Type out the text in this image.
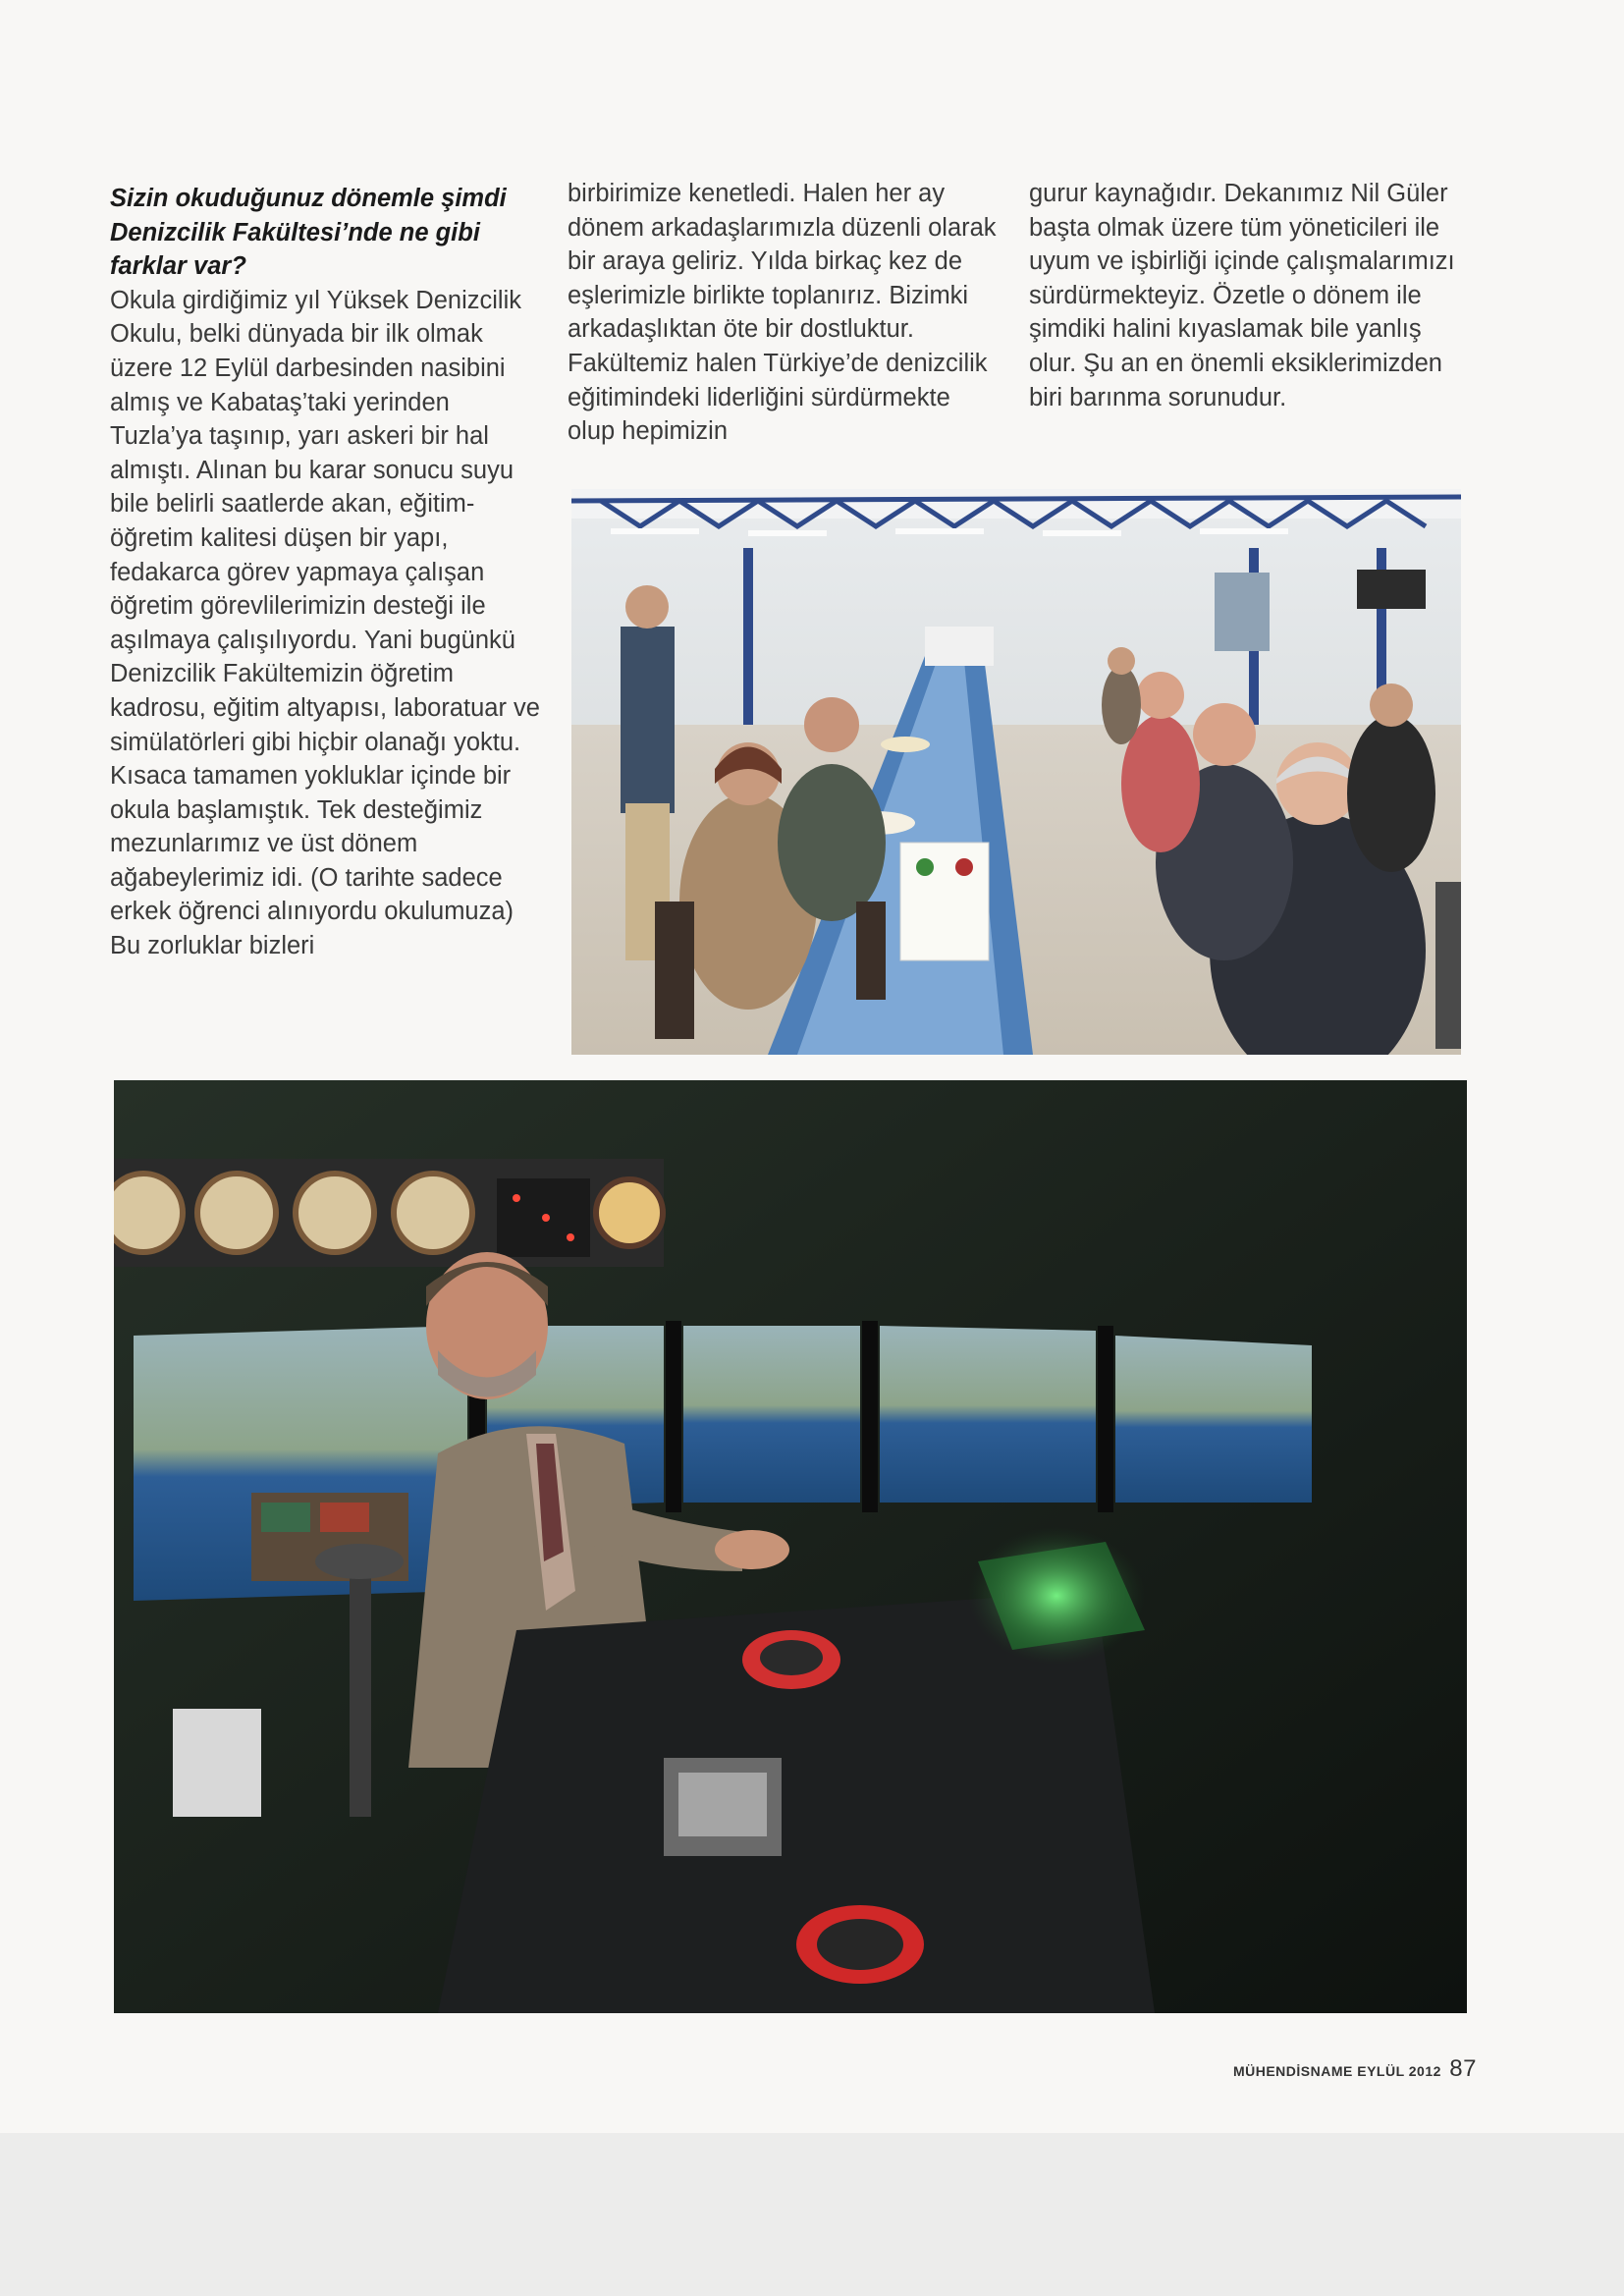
Sizin okuduğunuz dönemle şimdi Denizcilik Fakültesi’nde ne gibi farklar var?

Okula girdiğimiz yıl Yüksek Denizcilik Okulu, belki dünyada bir ilk olmak üzere 12 Eylül darbesinden nasibini almış ve Kabataş’taki yerinden Tuzla’ya taşınıp, yarı askeri bir hal almıştı. Alınan bu karar sonucu suyu bile belirli saatlerde akan, eğitim-öğretim kalitesi düşen bir yapı, fedakarca görev yapmaya çalışan öğretim görevlilerimizin desteği ile aşılmaya çalışılıyordu. Yani bugünkü Denizcilik Fakültemizin öğretim kadrosu, eğitim altyapısı, laboratuar ve simülatörleri gibi hiçbir olanağı yoktu. Kısaca tamamen yokluklar içinde bir okula başlamıştık. Tek desteğimiz mezunlarımız ve üst dönem ağabeylerimiz idi. (O tarihte sadece erkek öğrenci alınıyordu okulumuza) Bu zorluklar bizleri

birbirimize kenetledi. Halen her ay dönem arkadaşlarımızla düzenli olarak bir araya geliriz. Yılda birkaç kez de eşlerimizle birlikte toplanırız. Bizimki arkadaşlıktan öte bir dostluktur. Fakültemiz halen Türkiye’de denizcilik eğitimindeki liderliğini sürdürmekte olup hepimizin

gurur kaynağıdır. Dekanımız Nil Güler başta olmak üzere tüm yöneticileri ile uyum ve işbirliği içinde çalışmalarımızı sürdürmekteyiz. Özetle o dönem ile şimdiki halini kıyaslamak bile yanlış olur. Şu an en önemli eksiklerimizden biri barınma sorunudur.

MÜHENDİSNAME EYLÜL 2012 87
